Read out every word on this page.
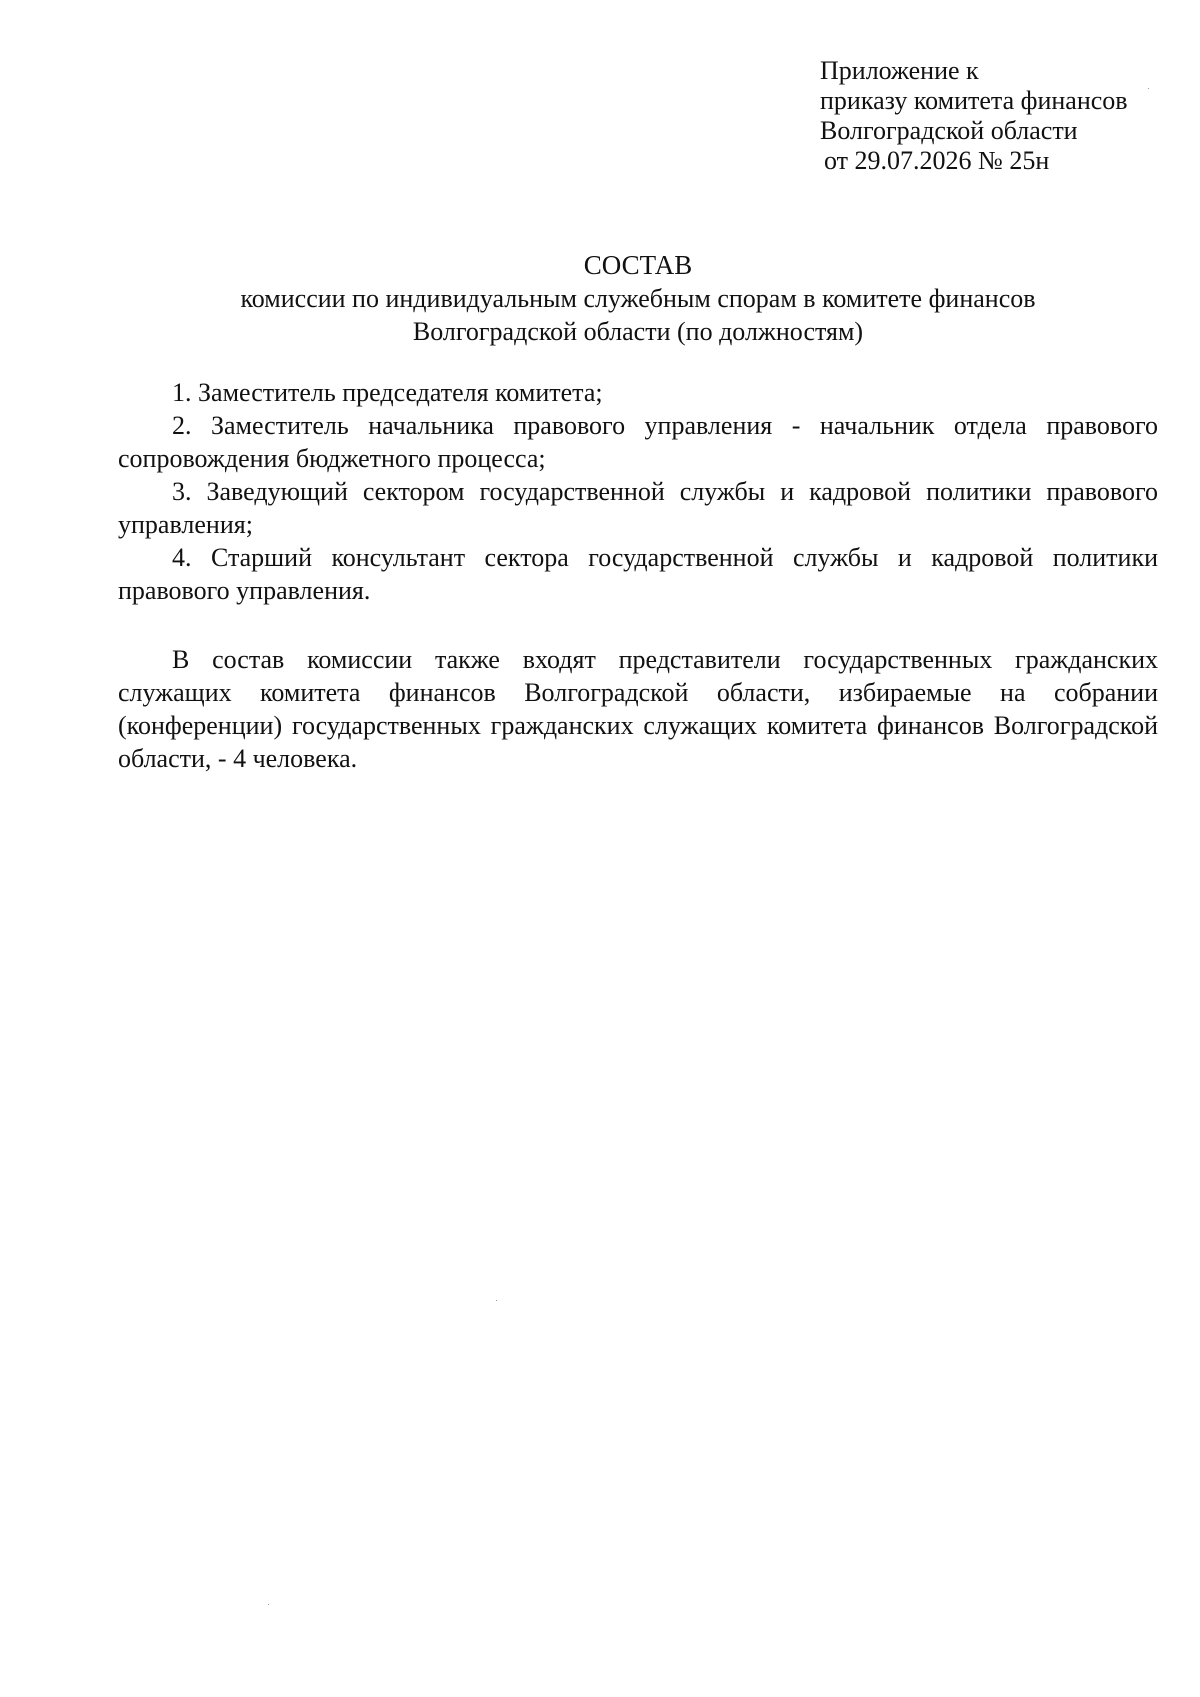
Приложение к
приказу комитета финансов
Волгоградской области
от 29.07.2026 № 25н
СОСТАВ
комиссии по индивидуальным служебным спорам в комитете финансов
Волгоградской области (по должностям)

1. Заместитель председателя комитета;

2. Заместитель начальника правового управления - начальник отдела правового сопровождения бюджетного процесса;

3. Заведующий сектором государственной службы и кадровой политики правового управления;

4. Старший консультант сектора государственной службы и кадровой политики правового управления.

В состав комиссии также входят представители государственных гражданских служащих комитета финансов Волгоградской области, избираемые на собрании (конференции) государственных гражданских служащих комитета финансов Волгоградской области, - 4 человека.
